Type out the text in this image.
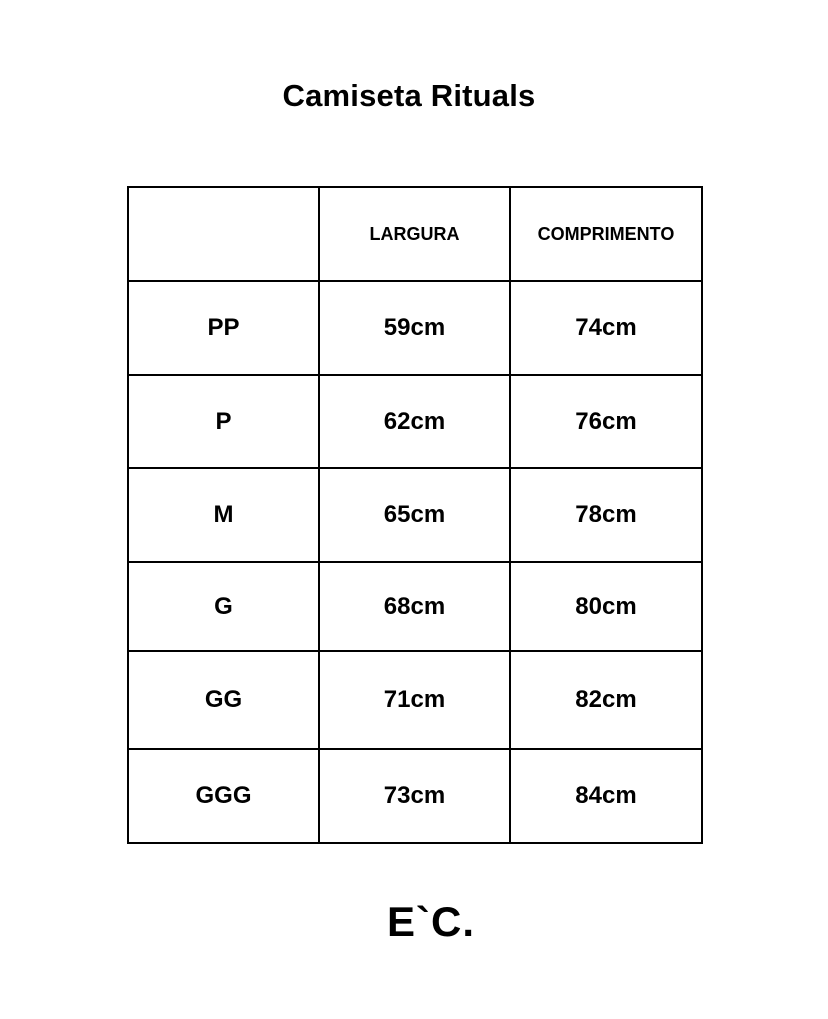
Camiseta Rituals
	LARGURA	COMPRIMENTO
PP	59cm	74cm
P	62cm	76cm
M	65cm	78cm
G	68cm	80cm
GG	71cm	82cm
GGG	73cm	84cm
E`C.
